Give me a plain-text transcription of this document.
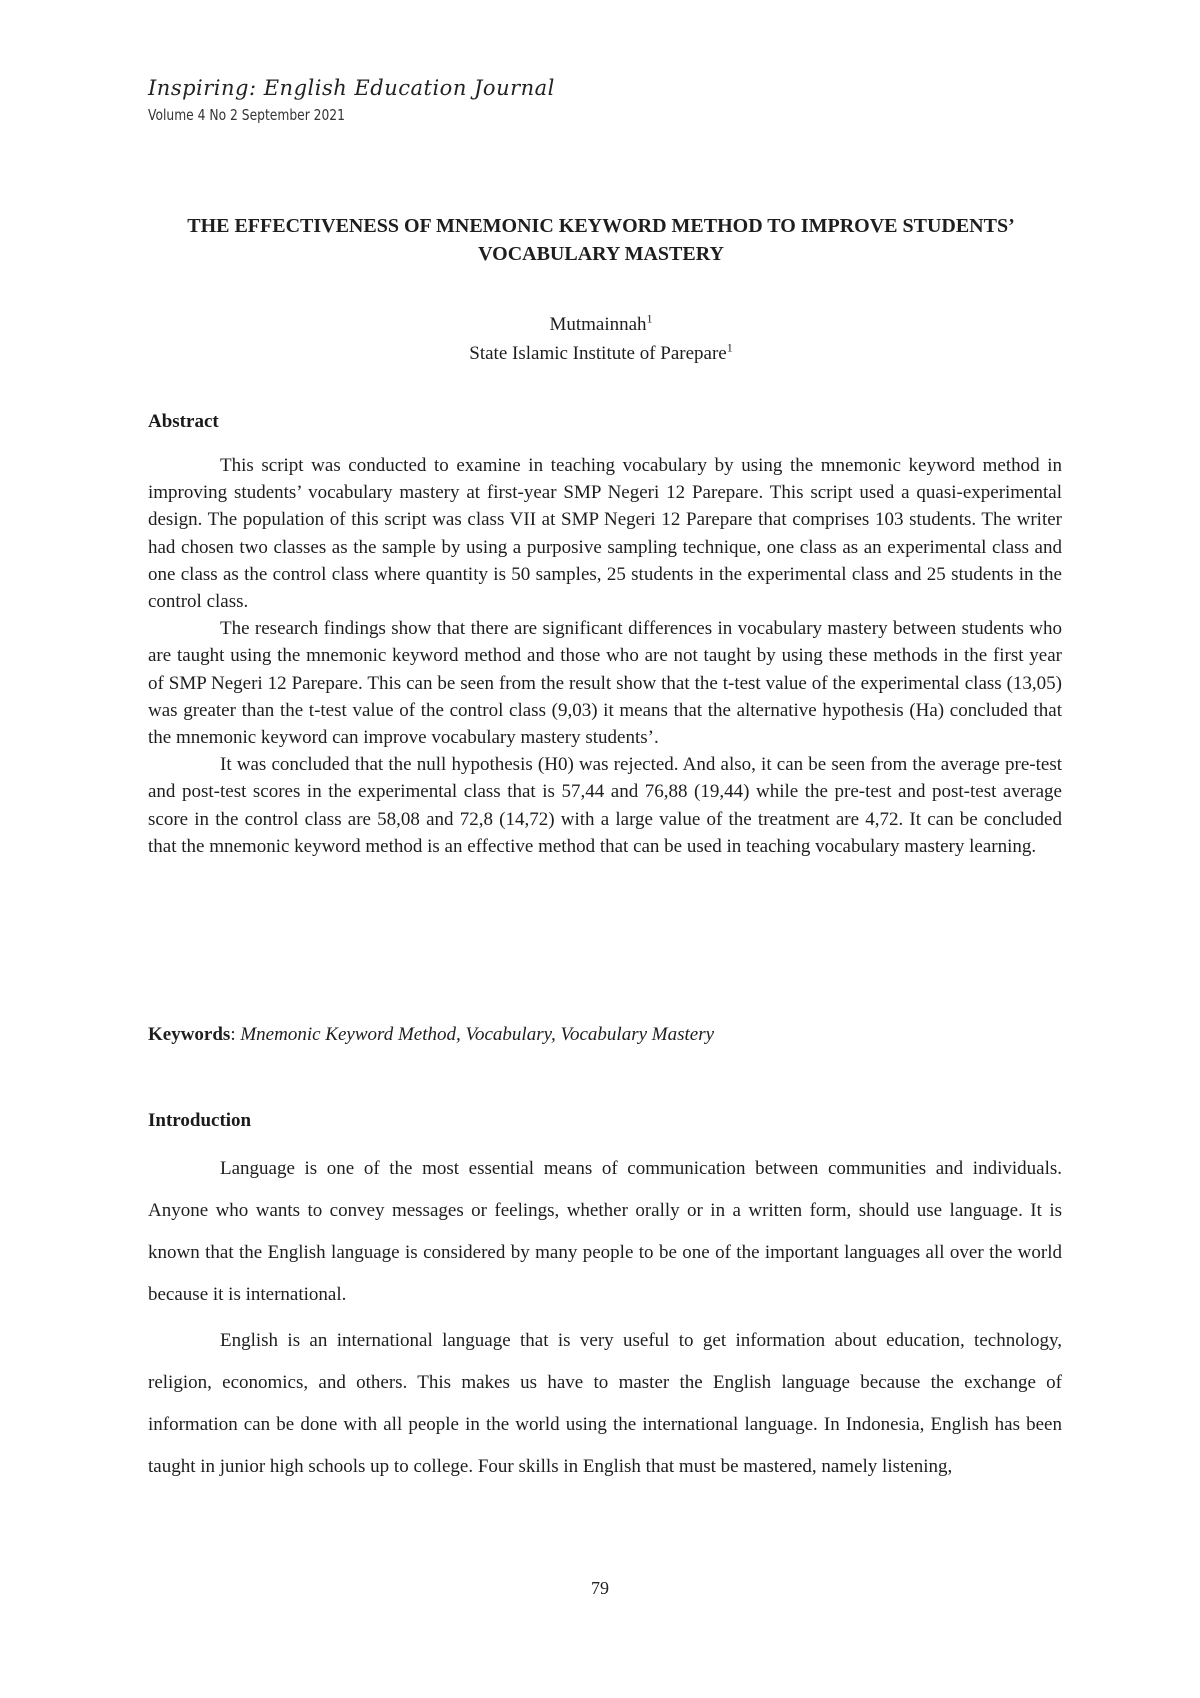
Inspiring: English Education Journal
Volume 4 No 2 September 2021
THE EFFECTIVENESS OF MNEMONIC KEYWORD METHOD TO IMPROVE STUDENTS’ VOCABULARY MASTERY
Mutmainnah$^1$
State Islamic Institute of Parepare$^1$
Abstract

This script was conducted to examine in teaching vocabulary by using the mnemonic keyword method in improving students’ vocabulary mastery at first-year SMP Negeri 12 Parepare. This script used a quasi-experimental design. The population of this script was class VII at SMP Negeri 12 Parepare that comprises 103 students. The writer had chosen two classes as the sample by using a purposive sampling technique, one class as an experimental class and one class as the control class where quantity is 50 samples, 25 students in the experimental class and 25 students in the control class.

The research findings show that there are significant differences in vocabulary mastery between students who are taught using the mnemonic keyword method and those who are not taught by using these methods in the first year of SMP Negeri 12 Parepare. This can be seen from the result show that the t-test value of the experimental class (13,05) was greater than the t-test value of the control class (9,03) it means that the alternative hypothesis (Ha) concluded that the mnemonic keyword can improve vocabulary mastery students’.

It was concluded that the null hypothesis (H0) was rejected. And also, it can be seen from the average pre-test and post-test scores in the experimental class that is 57,44 and 76,88 (19,44) while the pre-test and post-test average score in the control class are 58,08 and 72,8 (14,72) with a large value of the treatment are 4,72. It can be concluded that the mnemonic keyword method is an effective method that can be used in teaching vocabulary mastery learning.

Keywords: Mnemonic Keyword Method, Vocabulary, Vocabulary Mastery
Introduction

Language is one of the most essential means of communication between communities and individuals. Anyone who wants to convey messages or feelings, whether orally or in a written form, should use language. It is known that the English language is considered by many people to be one of the important languages all over the world because it is international.

English is an international language that is very useful to get information about education, technology, religion, economics, and others. This makes us have to master the English language because the exchange of information can be done with all people in the world using the international language. In Indonesia, English has been taught in junior high schools up to college. Four skills in English that must be mastered, namely listening,

79
